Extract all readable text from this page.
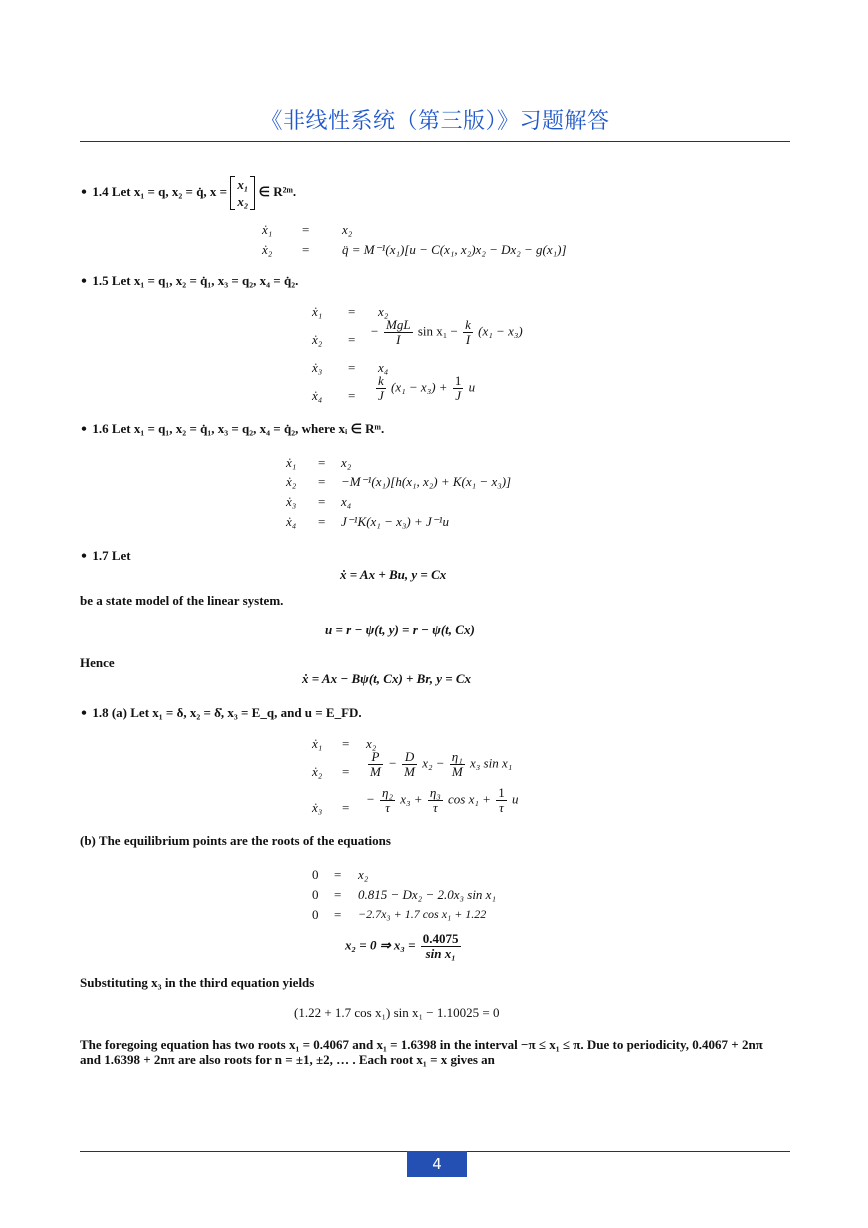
《非线性系统（第三版）》习题解答
• 1.4 Let x₁ = q, x₂ = q̇, x = x₁
x₂
∈ R²ᵐ.
ẋ₁ =	x₂
ẋ₂ =	q̈ = M⁻¹(x₁)[u − C(x₁, x₂)x₂ − Dx₂ − g(x₁)]
• 1.5 Let x₁ = q₁, x₂ = q̇₁, x₃ = q₂, x₄ = q̇₂.
ẋ₁ = x₂
ẋ₂ =
− $\frac{\text{MgL}}{I}$ $\sin x_1 - \frac{k}{I} (x_1 - x_3)$
ẋ₃ = x₄
ẋ₄ = $\frac{k}{J} (x_1 - x_3) + \frac{1}{J}$ u
• 1.6 Let x₁ = q₁, x₂ = q̇₁, x₃ = q₂, x₄ = q̇₂, where xᵢ ∈ Rᵐ.
ẋ₁ = x₂
ẋ₂ = −M⁻¹(x₁)[h(x₁, x₂) + K(x₁ − x₃)]
ẋ₃ = x₄
ẋ₄ = J⁻¹K(x₁ − x₃) + J⁻¹u
• 1.7 Let
ẋ = Ax + Bu, y = Cx
be a state model of the linear system.
u = r − ψ(t, y) = r − ψ(t, Cx)
Hence
ẋ = Ax − Bψ(t, Cx) + Br, y = Cx
• 1.8 (a) Let x₁ = δ, x₂ = δ̇, x₃ = E_q, and u = E_FD.
ẋ₁ = x₂
ẋ₂ = $\frac{P}{M} - \frac{D}{M} x_2 - \frac{\text{η₁}}{M} x_3$ sin x₁
ẋ₃ =
− $\frac{\text{η₂}}{\tau} x_3 + \frac{\text{η₃}}{\tau}$ $\cos x_1 + \frac{1}{\tau}$ u
(b) The equilibrium points are the roots of the equations
0 = x₂
0 = 0.815 − Dx₂ − 2.0x₃ sin x₁
0 = −2.7x₃ + 1.7 cos x₁ + 1.22
x₂ = 0 ⇒ $x_3 = \frac{0.4075}{\text{sin x₁}}$
Substituting x₃ in the third equation yields
(1.22 + 1.7 cos x₁) sin x₁ − 1.10025 = 0
The foregoing equation has two roots x₁ = 0.4067 and x₁ = 1.6398 in the interval −π ≤ x₁ ≤ π. Due to periodicity, 0.4067 + 2nπ and 1.6398 + 2nπ are also roots for n = ±1, ±2, … . Each root x₁ = x gives an
4
